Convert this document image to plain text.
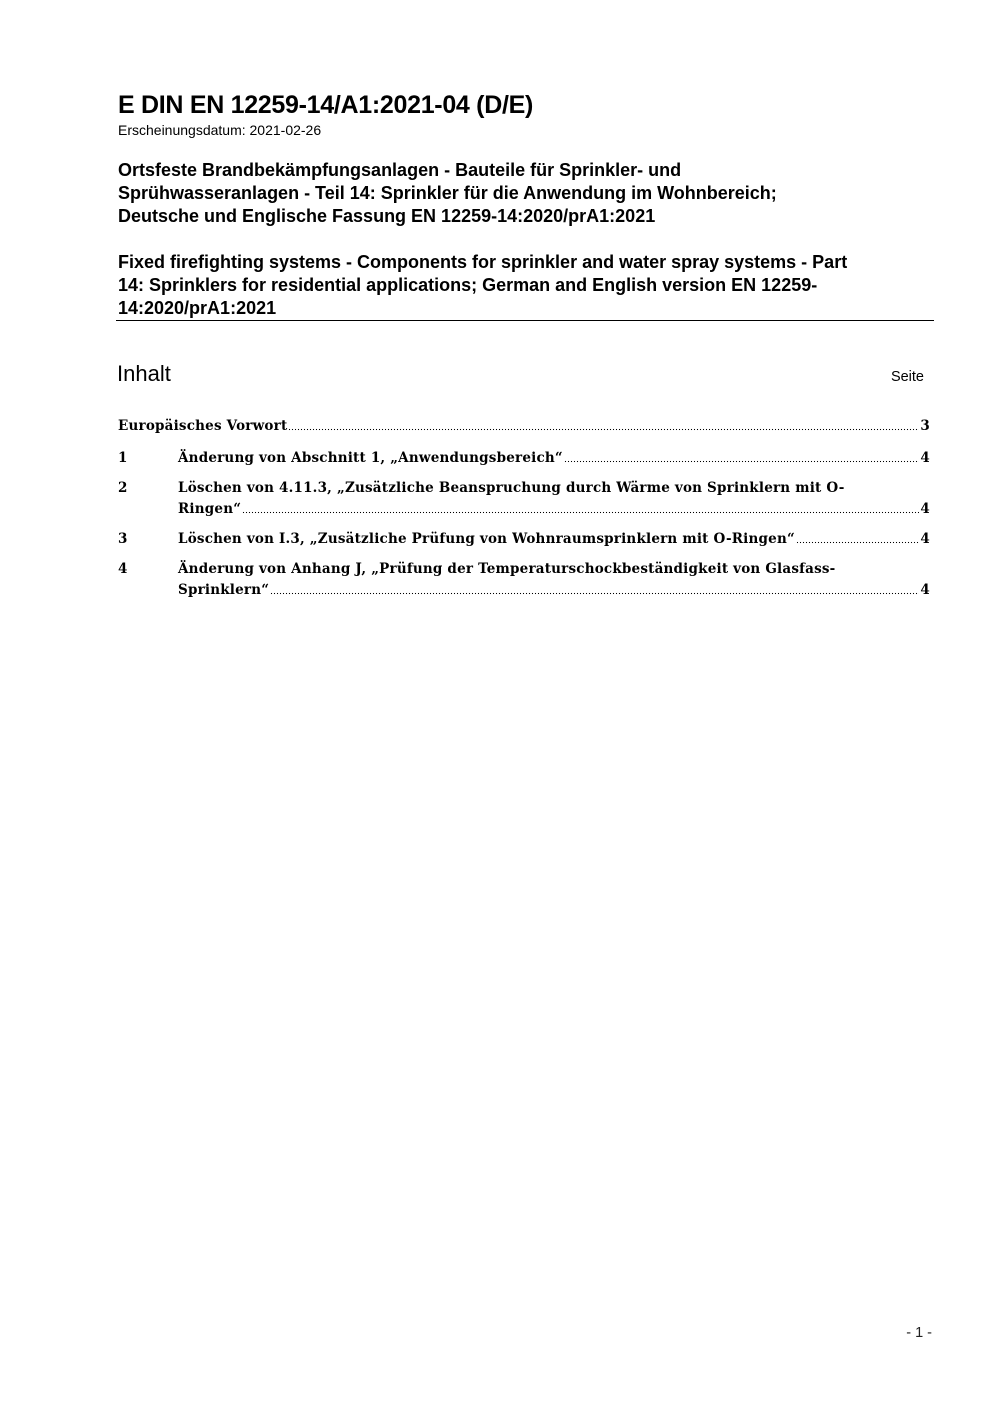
E DIN EN 12259-14/A1:2021-04 (D/E)
Erscheinungsdatum: 2021-02-26
Ortsfeste Brandbekämpfungsanlagen - Bauteile für Sprinkler- und
Sprühwasseranlagen - Teil 14: Sprinkler für die Anwendung im Wohnbereich;
Deutsche und Englische Fassung EN 12259-14:2020/prA1:2021
Fixed firefighting systems - Components for sprinkler and water spray systems - Part
14: Sprinklers for residential applications; German and English version EN 12259-
14:2020/prA1:2021
Inhalt	Seite
Europäisches Vorwort	3
1	Änderung von Abschnitt 1, „Anwendungsbereich“	4
2	Löschen von 4.11.3, „Zusätzliche Beanspruchung durch Wärme von Sprinklern mit O-
Ringen“	4
3	Löschen von I.3, „Zusätzliche Prüfung von Wohnraumsprinklern mit O-Ringen“	4
4	Änderung von Anhang J, „Prüfung der Temperaturschockbeständigkeit von Glasfass-
Sprinklern“	4
- 1 -
